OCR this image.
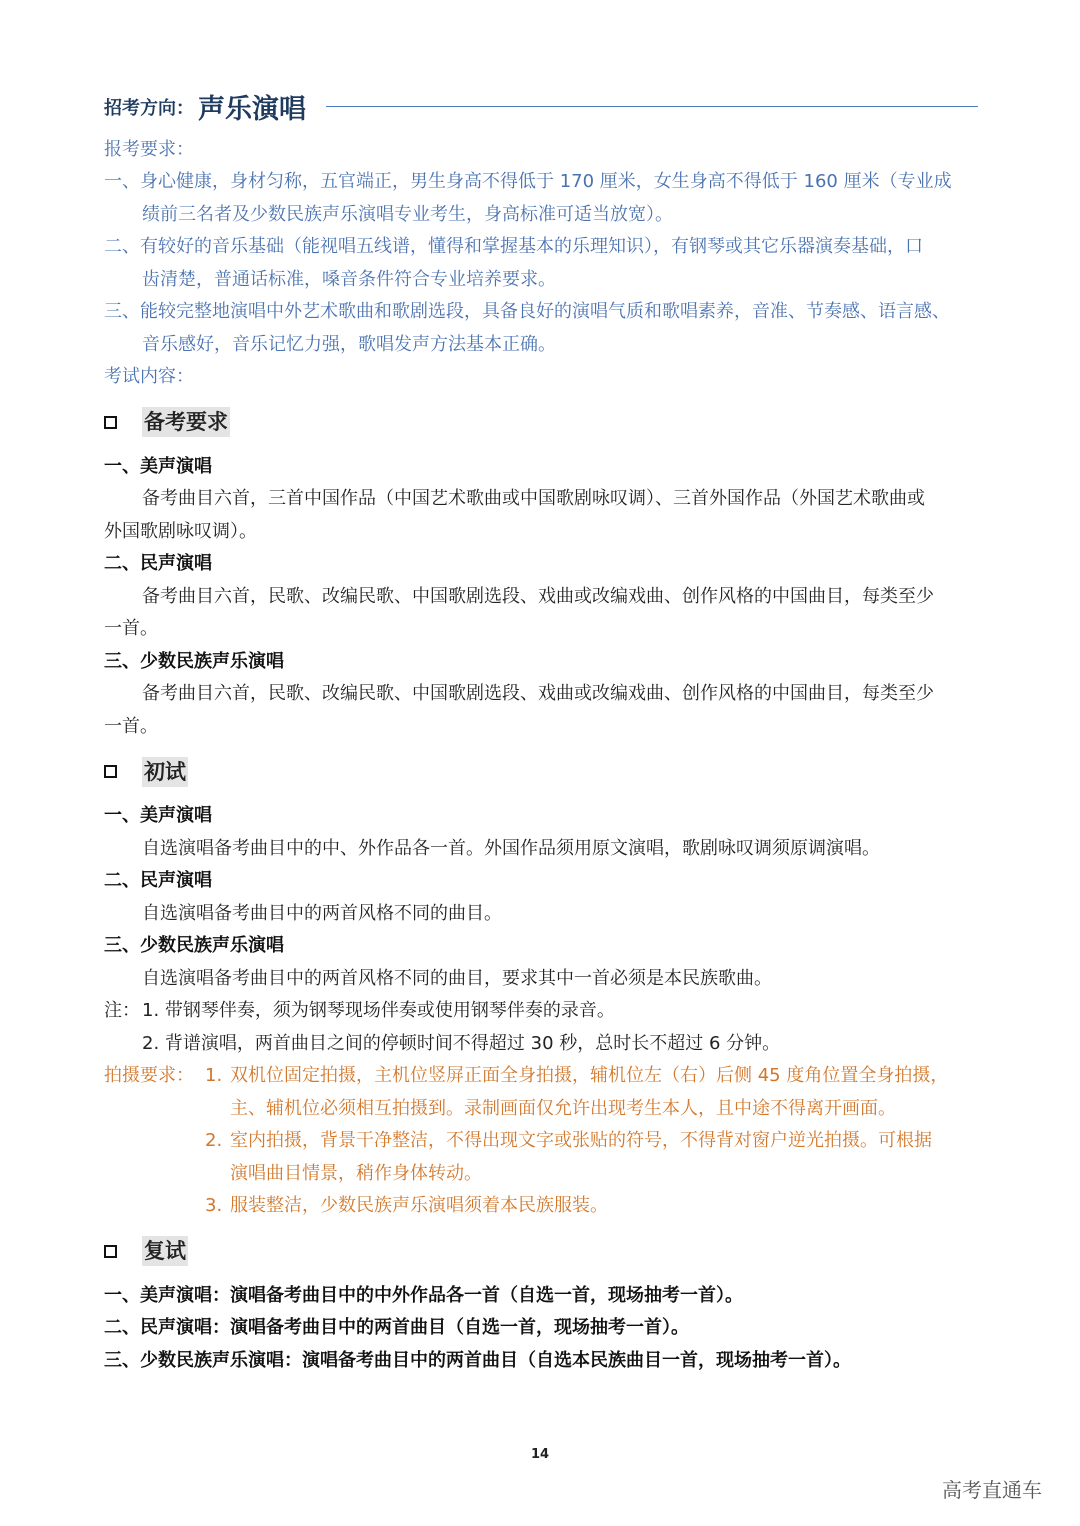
招考方向： 声乐演唱
报考要求：
一、身心健康，身材匀称，五官端正，男生身高不得低于 170 厘米，女生身高不得低于 160 厘米（专业成
绩前三名者及少数民族声乐演唱专业考生，身高标准可适当放宽）。
二、有较好的音乐基础（能视唱五线谱，懂得和掌握基本的乐理知识），有钢琴或其它乐器演奏基础，口
齿清楚，普通话标准，嗓音条件符合专业培养要求。
三、能较完整地演唱中外艺术歌曲和歌剧选段，具备良好的演唱气质和歌唱素养，音准、节奏感、语言感、
音乐感好，音乐记忆力强，歌唱发声方法基本正确。
考试内容：
备考要求
一、美声演唱
备考曲目六首，三首中国作品（中国艺术歌曲或中国歌剧咏叹调）、三首外国作品（外国艺术歌曲或
外国歌剧咏叹调）。
二、民声演唱
备考曲目六首，民歌、改编民歌、中国歌剧选段、戏曲或改编戏曲、创作风格的中国曲目，每类至少
一首。
三、少数民族声乐演唱
备考曲目六首，民歌、改编民歌、中国歌剧选段、戏曲或改编戏曲、创作风格的中国曲目，每类至少
一首。
初试
一、美声演唱
自选演唱备考曲目中的中、外作品各一首。外国作品须用原文演唱，歌剧咏叹调须原调演唱。
二、民声演唱
自选演唱备考曲目中的两首风格不同的曲目。
三、少数民族声乐演唱
自选演唱备考曲目中的两首风格不同的曲目，要求其中一首必须是本民族歌曲。
注： 1. 带钢琴伴奏，须为钢琴现场伴奏或使用钢琴伴奏的录音。
2. 背谱演唱，两首曲目之间的停顿时间不得超过 30 秒，总时长不超过 6 分钟。
拍摄要求： 1. 双机位固定拍摄，主机位竖屏正面全身拍摄，辅机位左（右）后侧 45 度角位置全身拍摄，
主、辅机位必须相互拍摄到。录制画面仅允许出现考生本人，且中途不得离开画面。
2. 室内拍摄，背景干净整洁，不得出现文字或张贴的符号，不得背对窗户逆光拍摄。可根据
演唱曲目情景，稍作身体转动。
3. 服装整洁，少数民族声乐演唱须着本民族服装。
复试
一、美声演唱：演唱备考曲目中的中外作品各一首（自选一首，现场抽考一首）。
二、民声演唱：演唱备考曲目中的两首曲目（自选一首，现场抽考一首）。
三、少数民族声乐演唱：演唱备考曲目中的两首曲目（自选本民族曲目一首，现场抽考一首）。
14
高考直通车
